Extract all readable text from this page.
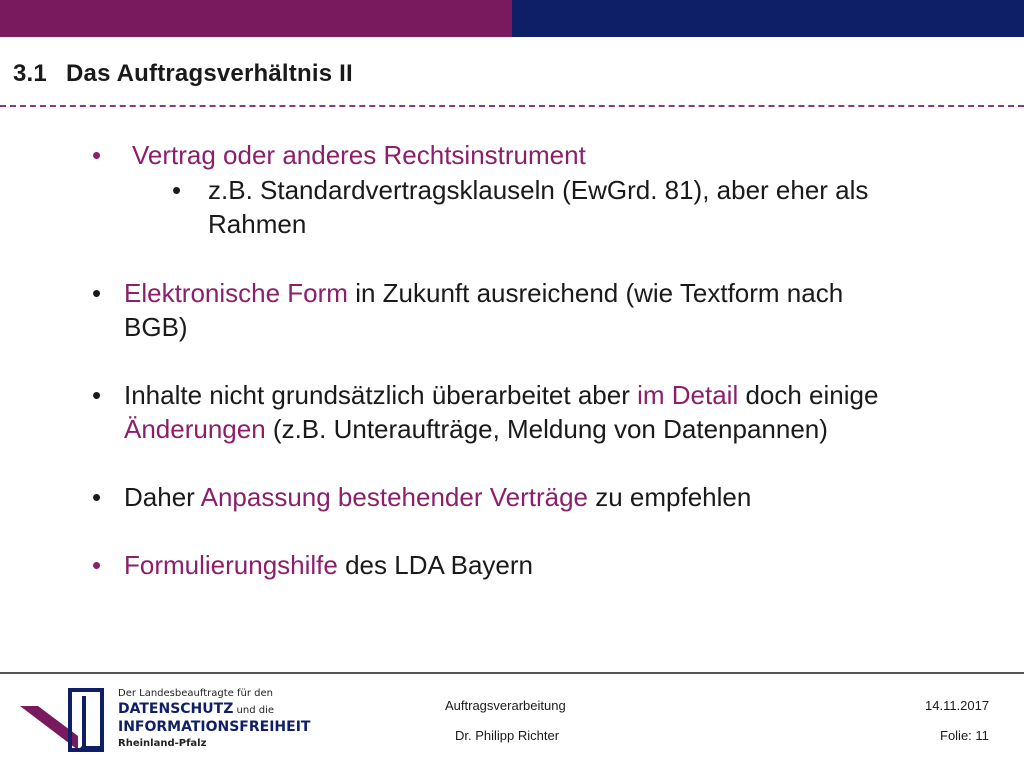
3.1 Das Auftragsverhältnis II
• Vertrag oder anderes Rechtsinstrument
• z.B. Standardvertragsklauseln (EwGrd. 81), aber eher als
Rahmen
• Elektronische Form in Zukunft ausreichend (wie Textform nach
BGB)
• Inhalte nicht grundsätzlich überarbeitet aber im Detail doch einige
Änderungen (z.B. Unteraufträge, Meldung von Datenpannen)
• Daher Anpassung bestehender Verträge zu empfehlen
• Formulierungshilfe des LDA Bayern
Der Landesbeauftragte für den
DATENSCHUTZ und die
INFORMATIONSFREIHEIT
Rheinland-Pfalz
Auftragsverarbeitung
Dr. Philipp Richter
14.11.2017
Folie: 11
